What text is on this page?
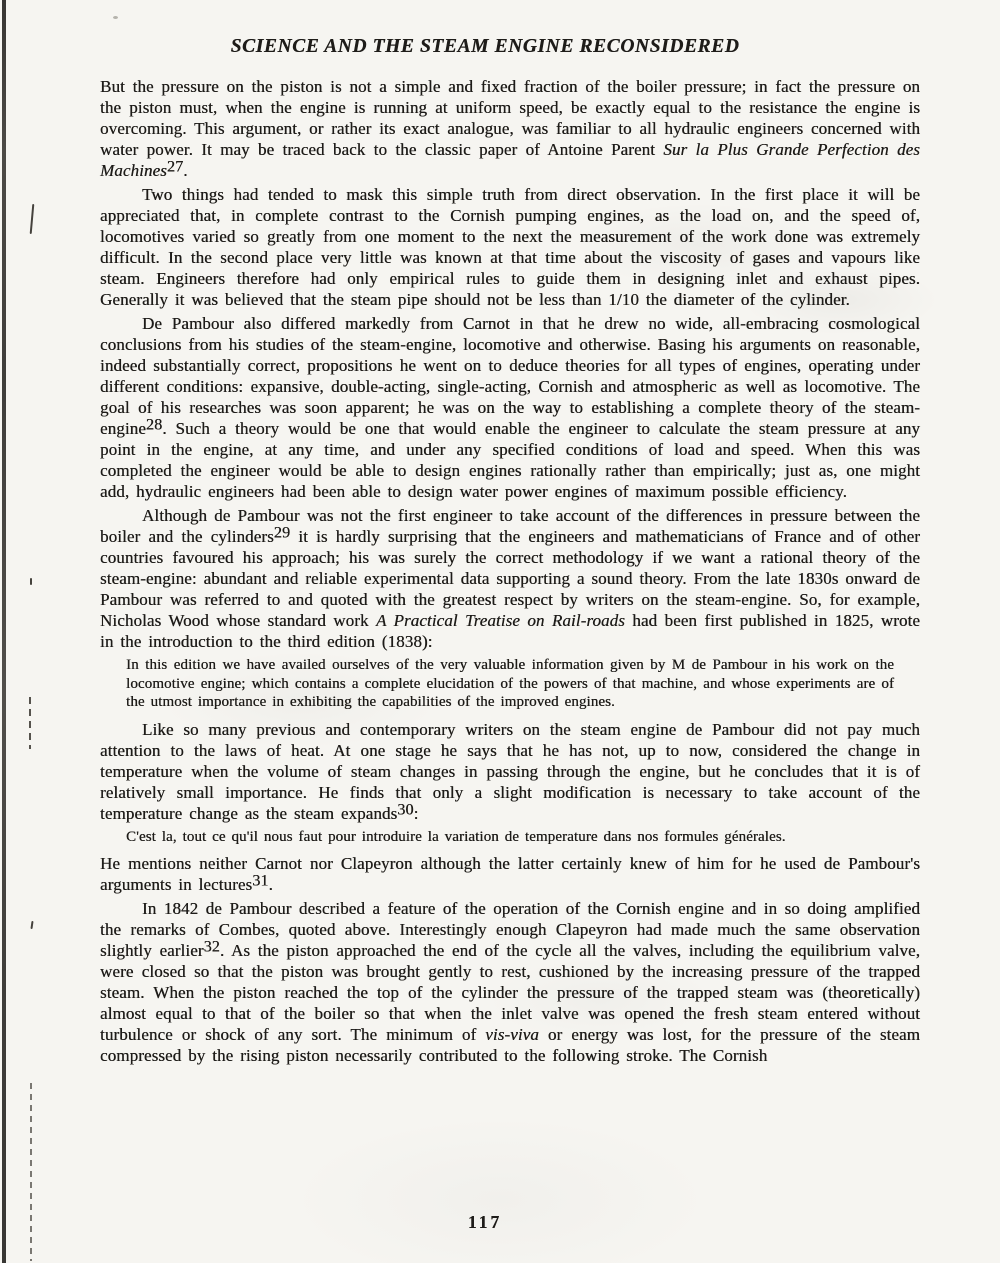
SCIENCE AND THE STEAM ENGINE RECONSIDERED

But the pressure on the piston is not a simple and fixed fraction of the boiler pressure; in fact the pressure on the piston must, when the engine is running at uniform speed, be exactly equal to the resistance the engine is overcoming. This argument, or rather its exact analogue, was familiar to all hydraulic engineers concerned with water power. It may be traced back to the classic paper of Antoine Parent Sur la Plus Grande Perfection des Machines27.

Two things had tended to mask this simple truth from direct observation. In the first place it will be appreciated that, in complete contrast to the Cornish pumping engines, as the load on, and the speed of, locomotives varied so greatly from one moment to the next the measurement of the work done was extremely difficult. In the second place very little was known at that time about the viscosity of gases and vapours like steam. Engineers therefore had only empirical rules to guide them in designing inlet and exhaust pipes. Generally it was believed that the steam pipe should not be less than 1/10 the diameter of the cylinder.

De Pambour also differed markedly from Carnot in that he drew no wide, all-embracing cosmological conclusions from his studies of the steam-engine, locomotive and otherwise. Basing his arguments on reasonable, indeed substantially correct, propositions he went on to deduce theories for all types of engines, operating under different conditions: expansive, double-acting, single-acting, Cornish and atmospheric as well as locomotive. The goal of his researches was soon apparent; he was on the way to establishing a complete theory of the steam-engine28. Such a theory would be one that would enable the engineer to calculate the steam pressure at any point in the engine, at any time, and under any specified conditions of load and speed. When this was completed the engineer would be able to design engines rationally rather than empirically; just as, one might add, hydraulic engineers had been able to design water power engines of maximum possible efficiency.

Although de Pambour was not the first engineer to take account of the differences in pressure between the boiler and the cylinders29 it is hardly surprising that the engineers and mathematicians of France and of other countries favoured his approach; his was surely the correct methodology if we want a rational theory of the steam-engine: abundant and reliable experimental data supporting a sound theory. From the late 1830s onward de Pambour was referred to and quoted with the greatest respect by writers on the steam-engine. So, for example, Nicholas Wood whose standard work A Practical Treatise on Rail-roads had been first published in 1825, wrote in the introduction to the third edition (1838):

In this edition we have availed ourselves of the very valuable information given by M de Pambour in his work on the locomotive engine; which contains a complete elucidation of the powers of that machine, and whose experiments are of the utmost importance in exhibiting the capabilities of the improved engines.

Like so many previous and contemporary writers on the steam engine de Pambour did not pay much attention to the laws of heat. At one stage he says that he has not, up to now, considered the change in temperature when the volume of steam changes in passing through the engine, but he concludes that it is of relatively small importance. He finds that only a slight modification is necessary to take account of the temperature change as the steam expands30:

C'est la, tout ce qu'il nous faut pour introduire la variation de temperature dans nos formules générales.

He mentions neither Carnot nor Clapeyron although the latter certainly knew of him for he used de Pambour's arguments in lectures31.

In 1842 de Pambour described a feature of the operation of the Cornish engine and in so doing amplified the remarks of Combes, quoted above. Interestingly enough Clapeyron had made much the same observation slightly earlier32. As the piston approached the end of the cycle all the valves, including the equilibrium valve, were closed so that the piston was brought gently to rest, cushioned by the increasing pressure of the trapped steam. When the piston reached the top of the cylinder the pressure of the trapped steam was (theoretically) almost equal to that of the boiler so that when the inlet valve was opened the fresh steam entered without turbulence or shock of any sort. The minimum of vis-viva or energy was lost, for the pressure of the steam compressed by the rising piston necessarily contributed to the following stroke. The Cornish

117
